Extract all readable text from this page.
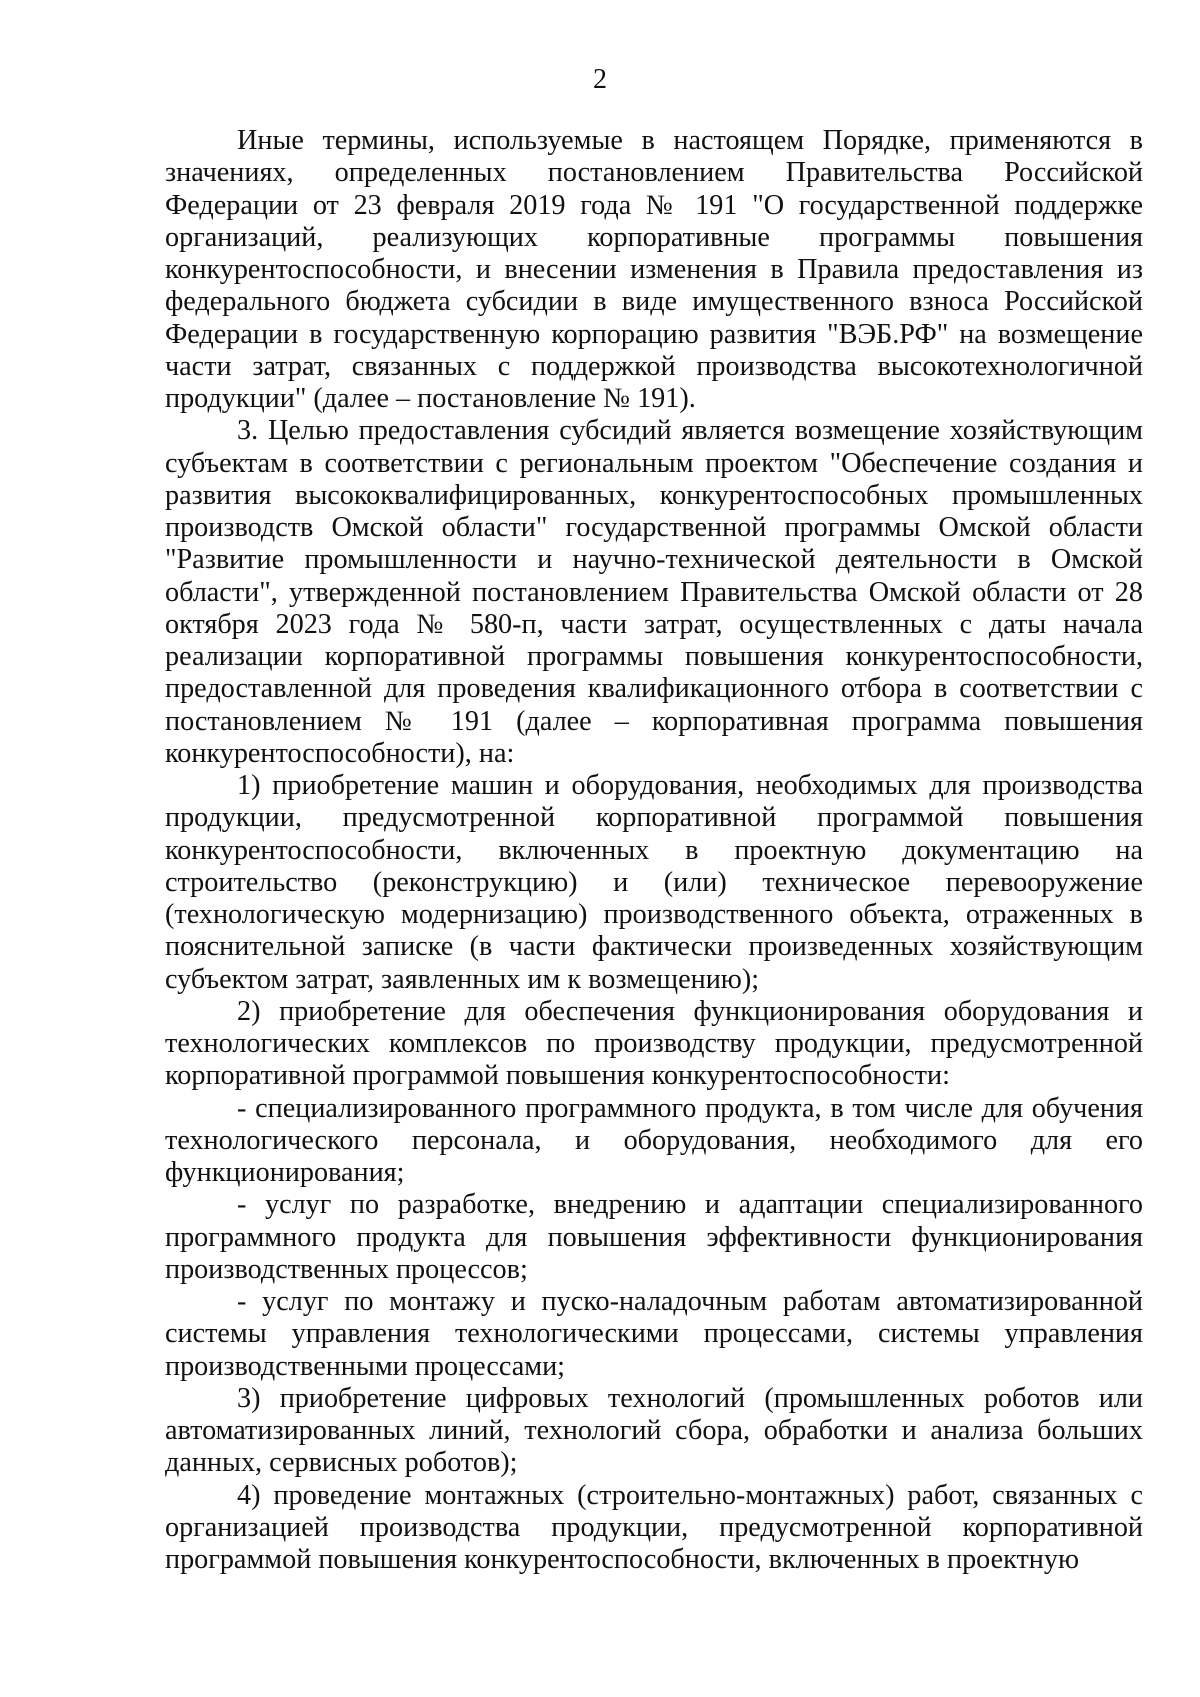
2

Иные термины, используемые в настоящем Порядке, применяются в значениях, определенных постановлением Правительства Российской Федерации от 23 февраля 2019 года № 191 "О государственной поддержке организаций, реализующих корпоративные программы повышения конкурентоспособности, и внесении изменения в Правила предоставления из федерального бюджета субсидии в виде имущественного взноса Российской Федерации в государственную корпорацию развития "ВЭБ.РФ" на возмещение части затрат, связанных с поддержкой производства высокотехнологичной продукции" (далее – постановление № 191).

3. Целью предоставления субсидий является возмещение хозяйствующим субъектам в соответствии с региональным проектом "Обеспечение создания и развития высококвалифицированных, конкурентоспособных промышленных производств Омской области" государственной программы Омской области "Развитие промышленности и научно-технической деятельности в Омской области", утвержденной постановлением Правительства Омской области от 28 октября 2023 года № 580-п, части затрат, осуществленных с даты начала реализации корпоративной программы повышения конкурентоспособности, предоставленной для проведения квалификационного отбора в соответствии с постановлением № 191 (далее – корпоративная программа повышения конкурентоспособности), на:

1) приобретение машин и оборудования, необходимых для производства продукции, предусмотренной корпоративной программой повышения конкурентоспособности, включенных в проектную документацию на строительство (реконструкцию) и (или) техническое перевооружение (технологическую модернизацию) производственного объекта, отраженных в пояснительной записке (в части фактически произведенных хозяйствующим субъектом затрат, заявленных им к возмещению);

2) приобретение для обеспечения функционирования оборудования и технологических комплексов по производству продукции, предусмотренной корпоративной программой повышения конкурентоспособности:

- специализированного программного продукта, в том числе для обучения технологического персонала, и оборудования, необходимого для его функционирования;

- услуг по разработке, внедрению и адаптации специализированного программного продукта для повышения эффективности функционирования производственных процессов;

- услуг по монтажу и пуско-наладочным работам автоматизированной системы управления технологическими процессами, системы управления производственными процессами;

3) приобретение цифровых технологий (промышленных роботов или автоматизированных линий, технологий сбора, обработки и анализа больших данных, сервисных роботов);

4) проведение монтажных (строительно-монтажных) работ, связанных с организацией производства продукции, предусмотренной корпоративной программой повышения конкурентоспособности, включенных в проектную
